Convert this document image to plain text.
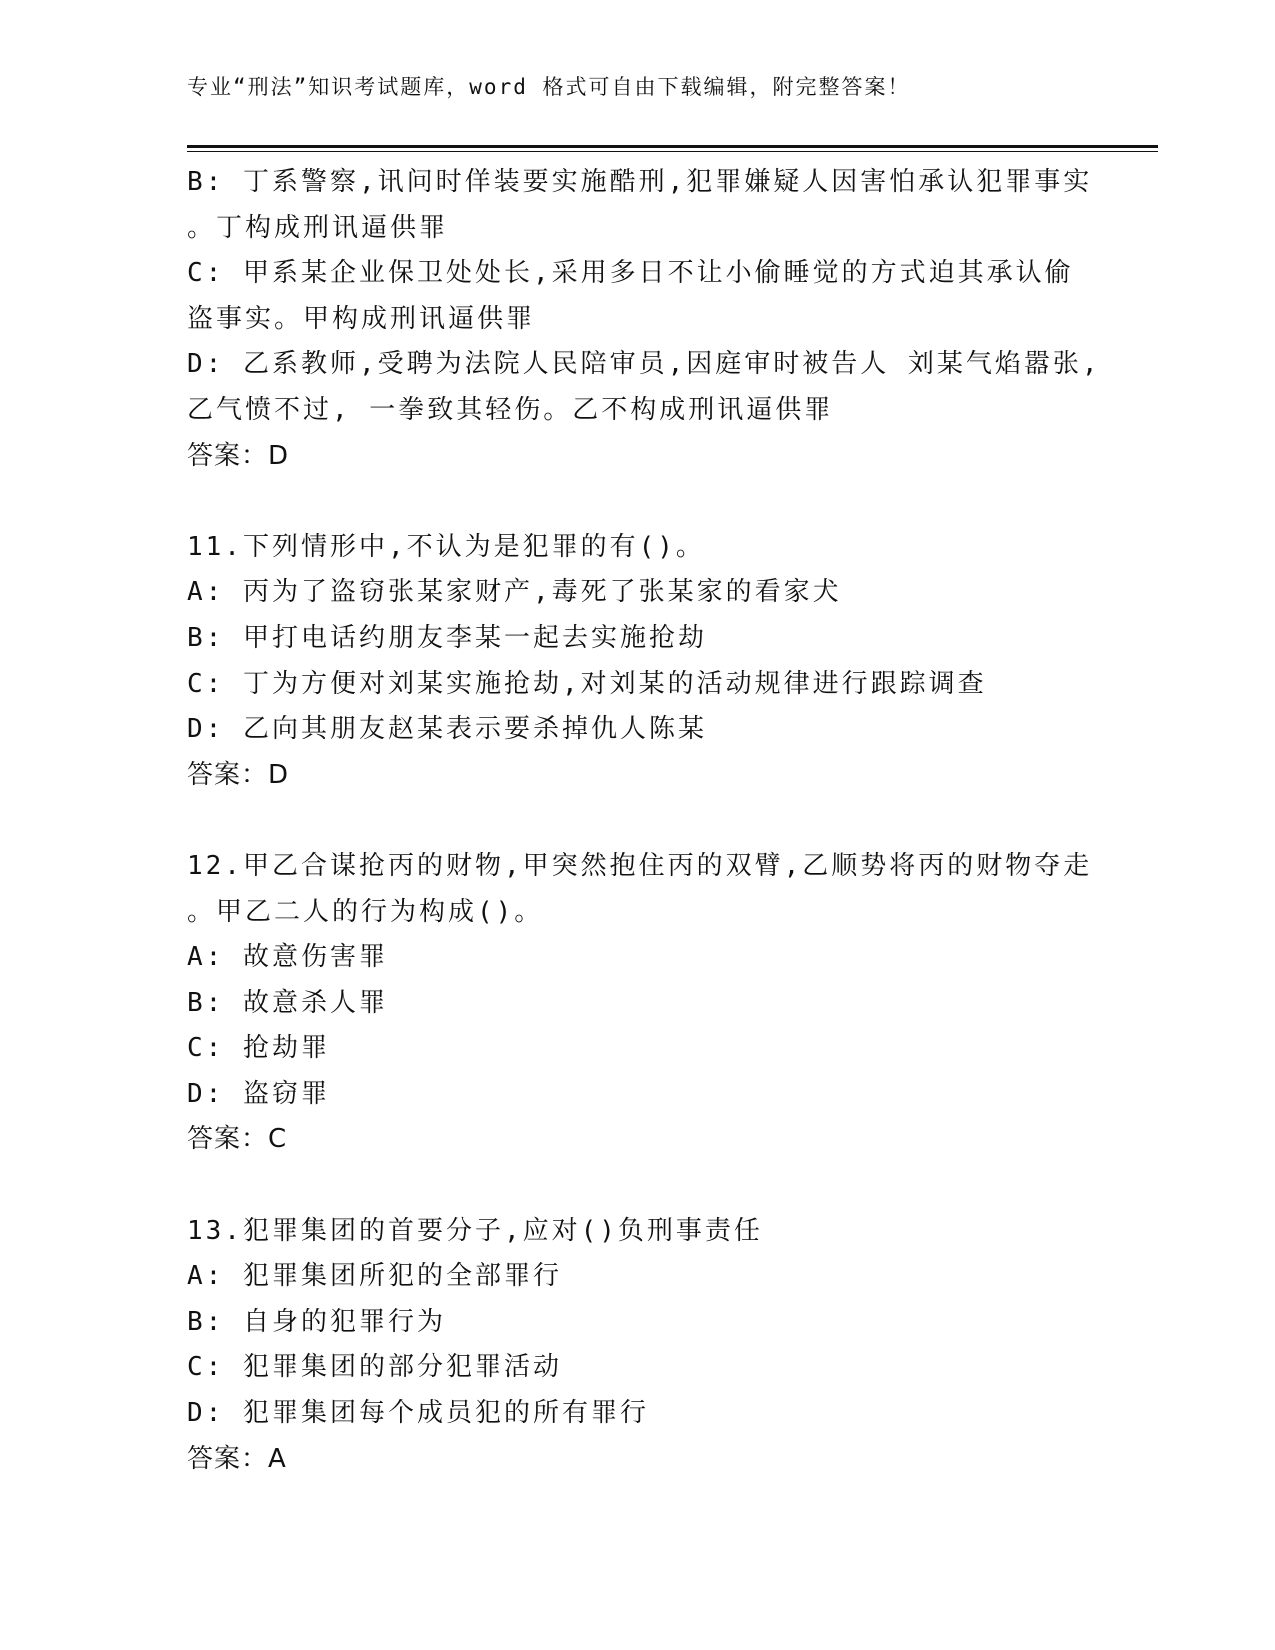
专业“刑法”知识考试题库，word 格式可自由下载编辑，附完整答案！
B: 丁系警察,讯问时佯装要实施酷刑,犯罪嫌疑人因害怕承认犯罪事实
。丁构成刑讯逼供罪
C: 甲系某企业保卫处处长,采用多日不让小偷睡觉的方式迫其承认偷
盗事实。甲构成刑讯逼供罪
D: 乙系教师,受聘为法院人民陪审员,因庭审时被告人 刘某气焰嚣张,
乙气愤不过, 一拳致其轻伤。乙不构成刑讯逼供罪
答案：D
11.下列情形中,不认为是犯罪的有()。
A: 丙为了盗窃张某家财产,毒死了张某家的看家犬
B: 甲打电话约朋友李某一起去实施抢劫
C: 丁为方便对刘某实施抢劫,对刘某的活动规律进行跟踪调查
D: 乙向其朋友赵某表示要杀掉仇人陈某
答案：D
12.甲乙合谋抢丙的财物,甲突然抱住丙的双臂,乙顺势将丙的财物夺走
。甲乙二人的行为构成()。
A: 故意伤害罪
B: 故意杀人罪
C: 抢劫罪
D: 盗窃罪
答案：C
13.犯罪集团的首要分子,应对()负刑事责任
A: 犯罪集团所犯的全部罪行
B: 自身的犯罪行为
C: 犯罪集团的部分犯罪活动
D: 犯罪集团每个成员犯的所有罪行
答案：A
